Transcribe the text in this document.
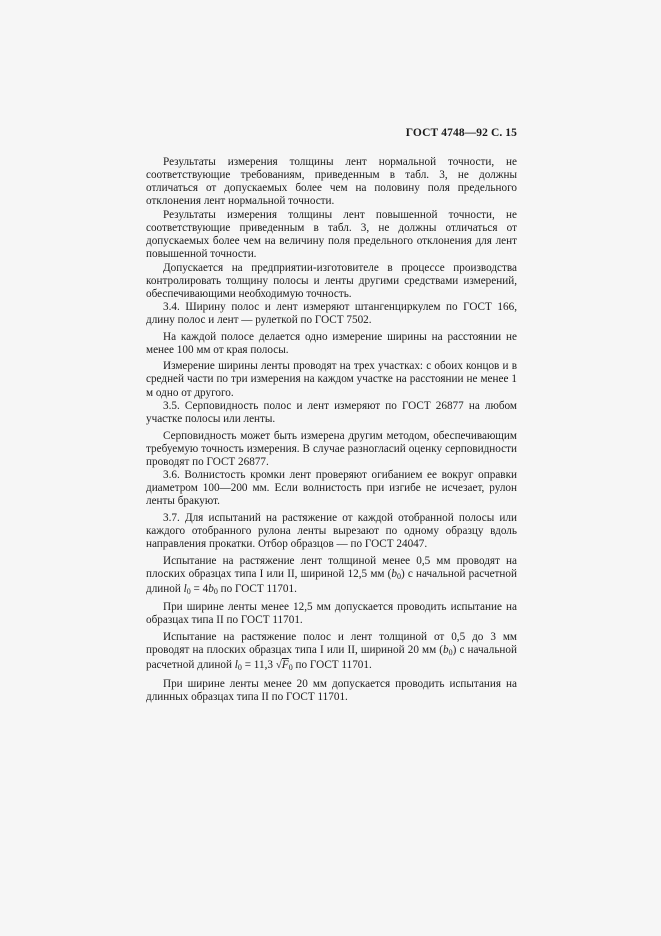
ГОСТ 4748—92 С. 15

Результаты измерения толщины лент нормальной точности, не соответствующие требованиям, приведенным в табл. 3, не должны отличаться от допускаемых более чем на половину поля предельного отклонения лент нормальной точности.

Результаты измерения толщины лент повышенной точности, не соответствующие приведенным в табл. 3, не должны отличаться от допускаемых более чем на величину поля предельного отклонения для лент повышенной точности.

Допускается на предприятии-изготовителе в процессе производства контролировать толщину полосы и ленты другими средствами измерений, обеспечивающими необходимую точность.

3.4. Ширину полос и лент измеряют штангенциркулем по ГОСТ 166, длину полос и лент — рулеткой по ГОСТ 7502.

На каждой полосе делается одно измерение ширины на расстоянии не менее 100 мм от края полосы.

Измерение ширины ленты проводят на трех участках: с обоих концов и в средней части по три измерения на каждом участке на расстоянии не менее 1 м одно от другого.

3.5. Серповидность полос и лент измеряют по ГОСТ 26877 на любом участке полосы или ленты.

Серповидность может быть измерена другим методом, обеспечивающим требуемую точность измерения. В случае разногласий оценку серповидности проводят по ГОСТ 26877.

3.6. Волнистость кромки лент проверяют огибанием ее вокруг оправки диаметром 100—200 мм. Если волнистость при изгибе не исчезает, рулон ленты бракуют.

3.7. Для испытаний на растяжение от каждой отобранной полосы или каждого отобранного рулона ленты вырезают по одному образцу вдоль направления прокатки. Отбор образцов — по ГОСТ 24047.

Испытание на растяжение лент толщиной менее 0,5 мм проводят на плоских образцах типа I или II, шириной 12,5 мм $(b_0)$ с начальной расчетной длиной $l_0 = 4b_0$ по ГОСТ 11701.

При ширине ленты менее 12,5 мм допускается проводить испытание на образцах типа II по ГОСТ 11701.

Испытание на растяжение полос и лент толщиной от 0,5 до 3 мм проводят на плоских образцах типа I или II, шириной 20 мм $(b_0)$ с начальной расчетной длиной $l_0 = 11,3$ $√F_0$ по ГОСТ 11701.

При ширине ленты менее 20 мм допускается проводить испытания на длинных образцах типа II по ГОСТ 11701.
